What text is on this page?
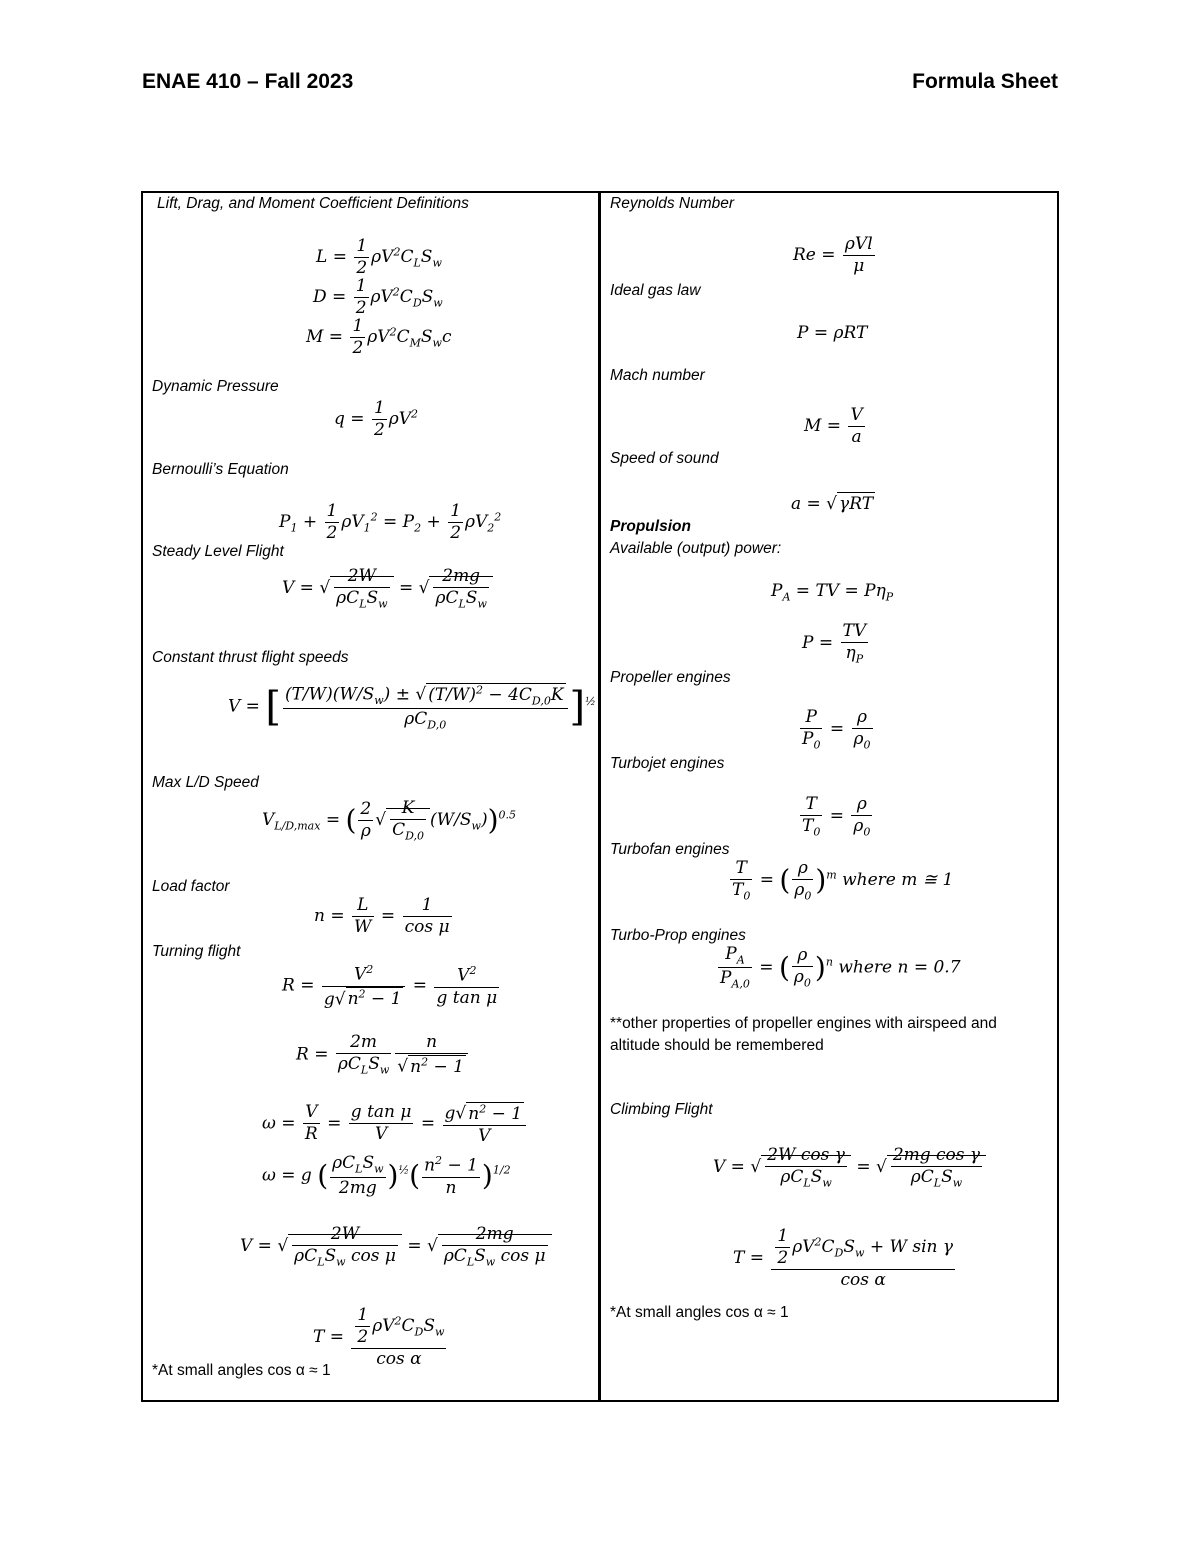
ENAE 410 – Fall 2023	Formula Sheet
Lift, Drag, and Moment Coefficient Definitions
$L = \frac{1}{2} \rho V^2C_LS_w$
$D = \frac{1}{2} \rho V^2C_DS_w$
$M = \frac{1}{2} \rho V^2C_MS_wc$
Dynamic Pressure
$q = \frac{1}{2} \rho V^2$
Bernoulli’s Equation
$P_1 + \frac{1}{2} \rho V_1^2 = P_2 + \frac{1}{2} \rho V_2^2$
Steady Level Flight
V = √
2W
$\rho C_LS_w$
= √
2mg
$\rho C_LS_w$
Constant thrust flight speeds
V = [ $(T/W)(W/S_w)$ ± √ $(T/W)^2 - 4C_{D,0}K$
$\rho C_{D,0}$	]$^{\frac{1}{2}}$
Max L/D Speed
$V_{L/D,max}$ = ( $\frac{2}{\rho}$ √ $\frac{K}{C_{D,0}} (W/S_w))^{0.5}$
Load factor
$n = \frac{L}{W} = \frac{1}{\text{cos μ}}$
Turning flight
$R = \frac{V^2}{g√ n^2 - 1} = \frac{V^2}{\text{g tan μ}}$
R =
2m
$\rho C_LS_w \frac{n}{√ n^2 - 1}$
$\omega = \frac{V}{R} = \frac{\text{g tan μ}}{V} = \frac{g√ n^2 - 1}{V}$
ω = g ( $\rho C_LS_w$
2mg )$^{\frac{1}{2}}( \frac{n^2 - 1}{n} )^{1/2}$
V = √
2W
$\rho C_LS_w$ cos μ = √
2mg
$\rho C_LS_w$ cos μ
$T = \frac{1}{2} \rho V^2C_DS_w$
cos α
*At small angles cos α ≈ 1
Reynolds Number
Re =
ρVl
μ
Ideal gas law
P = ρRT
Mach number
$M = \frac{V}{a}$
Speed of sound
a = √ γRT
Propulsion
Available (output) power:
$P_A$ = TV = $P\eta_P$
$P = \frac{TV}{\eta_P}$
Propeller engines
$\frac{P}{P_0} = \frac{\rho}{\rho_0}$
Turbojet engines
$\frac{T}{T_0} = \frac{\rho}{\rho_0}$
Turbofan engines
$\frac{T}{T_0}$ = ( $\frac{\rho}{\rho_0} )^m$ where m ≅ 1
Turbo-Prop engines
$\frac{P_A}{P_{A,0}}$ = ( $\frac{\rho}{\rho_0} )^n$ where n = 0.7
**other properties of propeller engines with airspeed and altitude should be remembered
Climbing Flight
V = √
2W cos γ
$\rho C_LS_w$
= √
2mg cos γ
$\rho C_LS_w$
$T = \frac{1}{2} \rho V^2C_DS_w + W$ sin γ
cos α
*At small angles cos α ≈ 1
